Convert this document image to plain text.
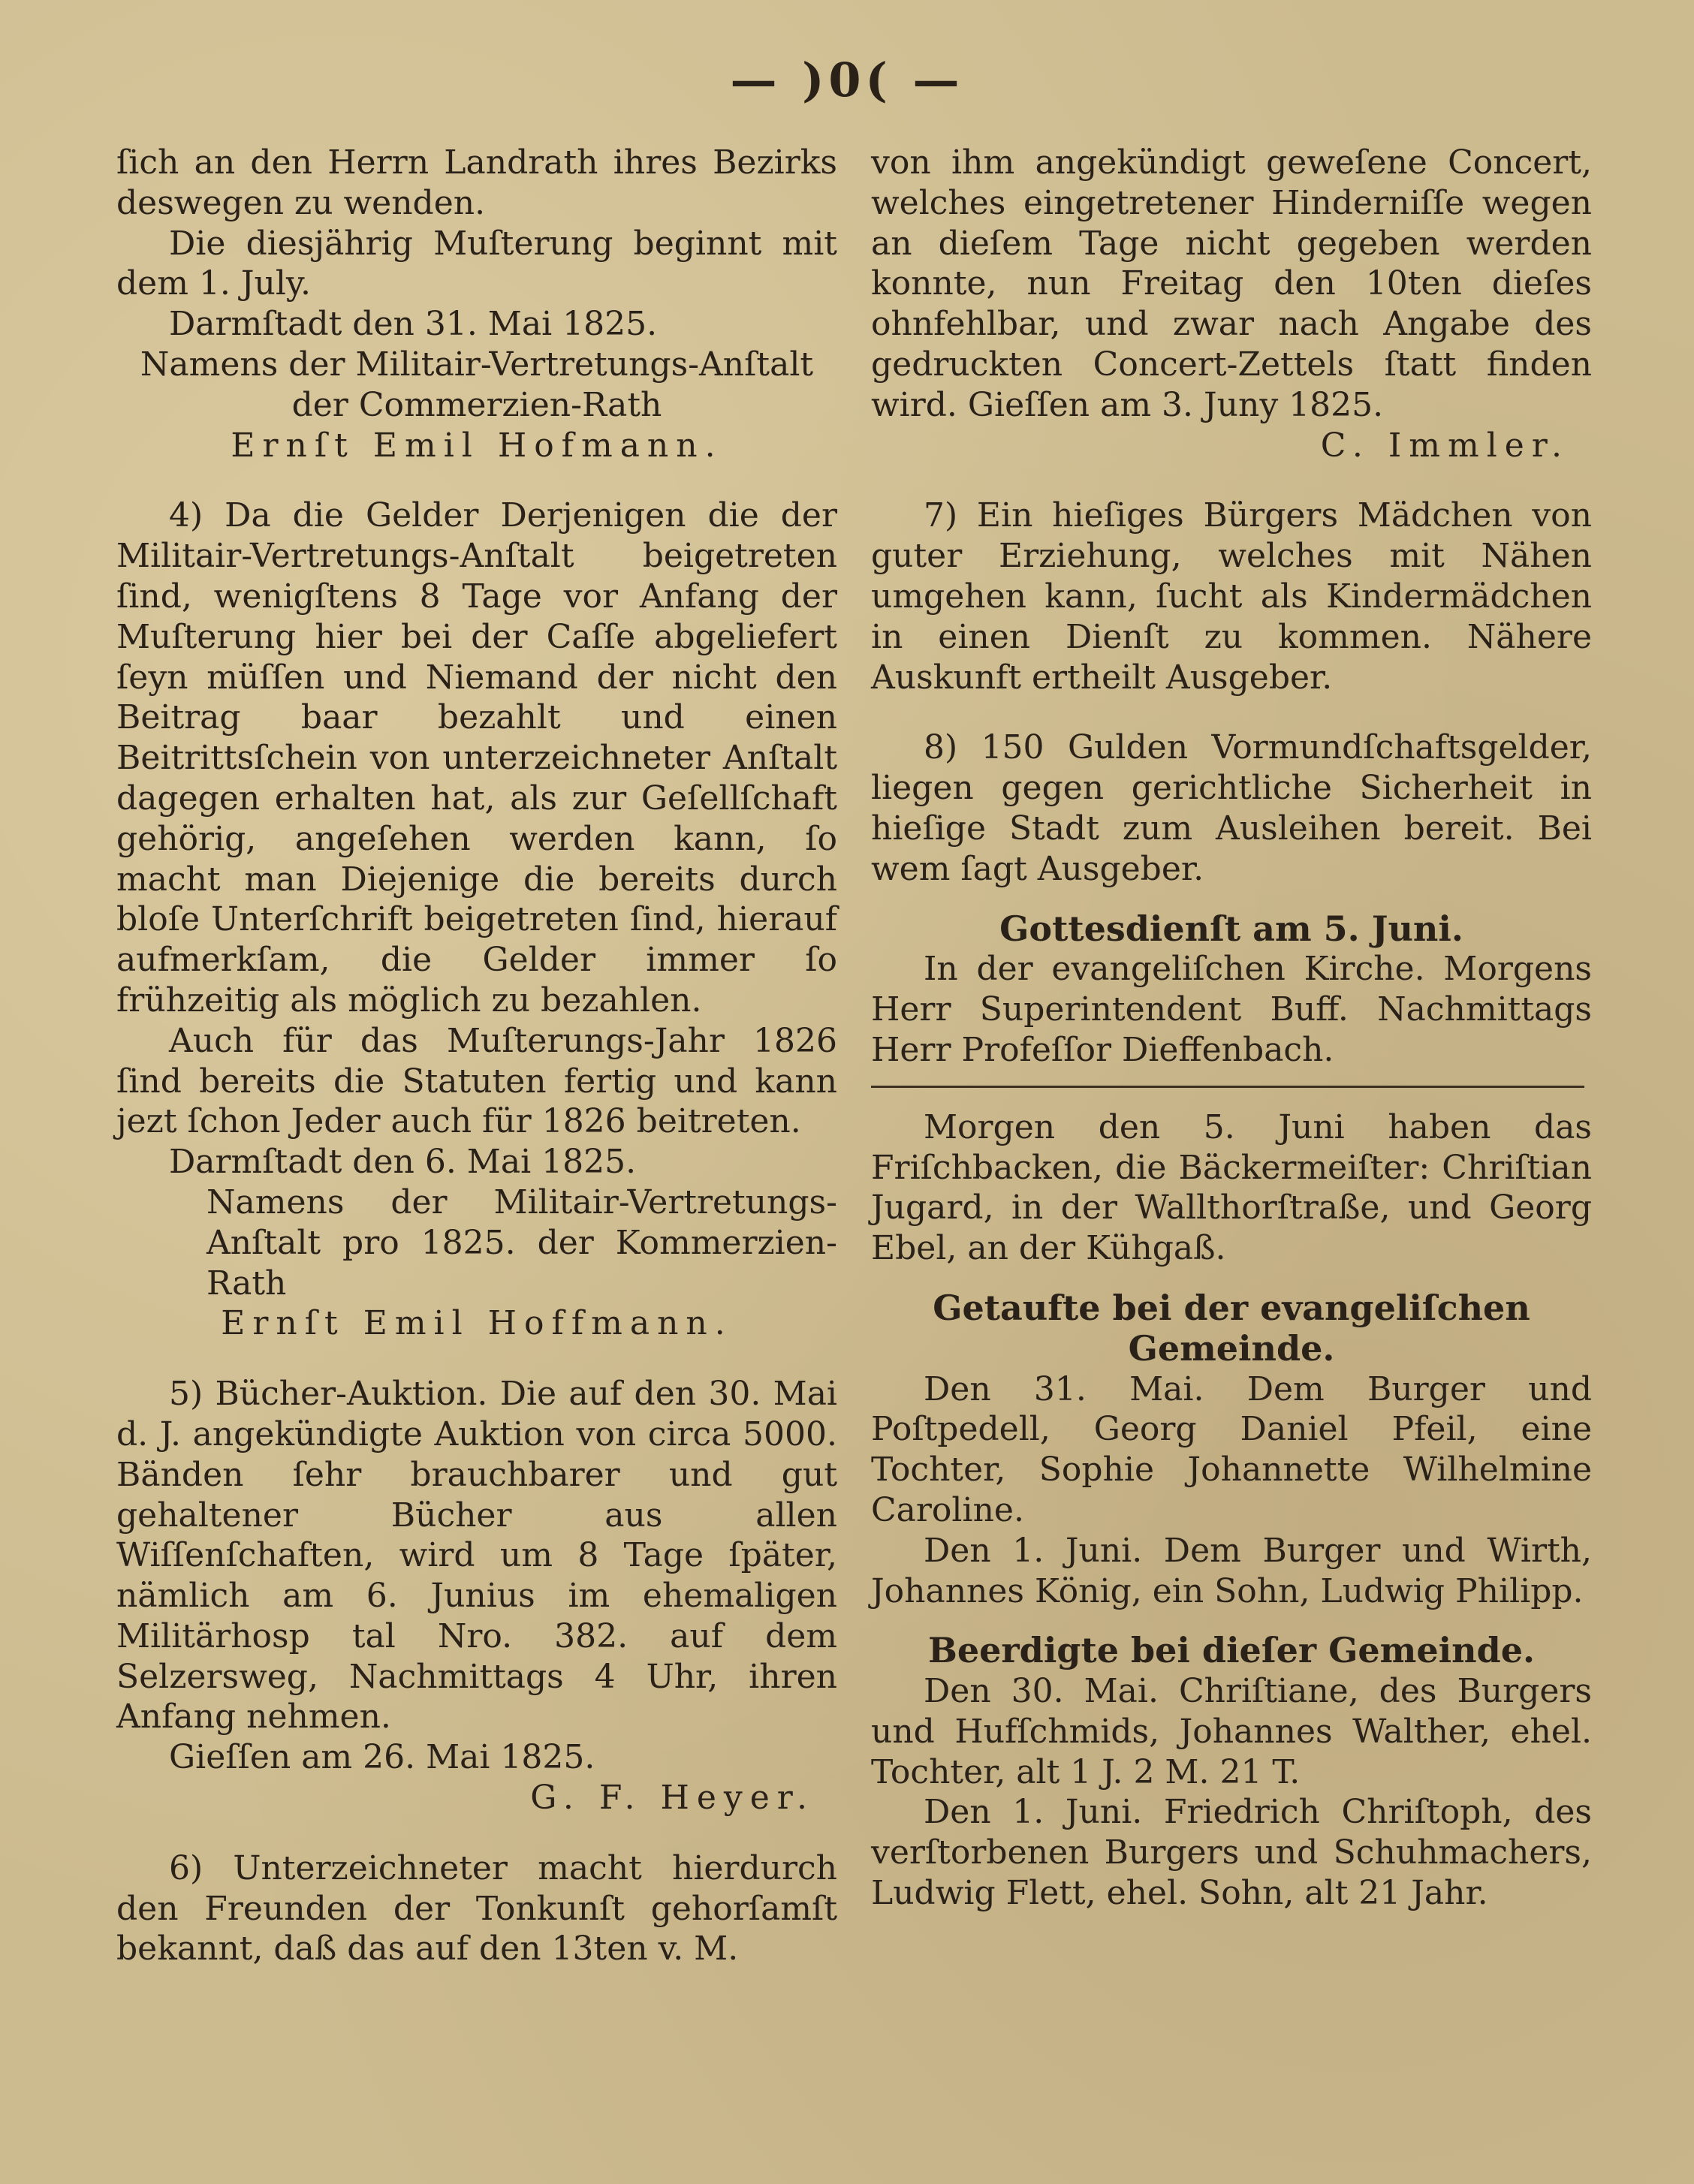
— )0( —

ſich an den Herrn Landrath ihres Bezirks deswegen zu wenden.

Die diesjährig Muſterung beginnt mit dem 1. July.

Darmſtadt den 31. Mai 1825.

Namens der Militair-Vertretungs-Anſtalt

der Commerzien-Rath

Ernſt Emil Hofmann.

4) Da die Gelder Derjenigen die der Militair-Vertretungs-Anſtalt beigetreten ſind, wenigſtens 8 Tage vor Anfang der Muſterung hier bei der Caſſe abgeliefert ſeyn müſſen und Niemand der nicht den Beitrag baar bezahlt und einen Beitrittsſchein von unterzeichneter Anſtalt dagegen erhalten hat, als zur Geſellſchaft gehörig, angeſehen werden kann, ſo macht man Diejenige die bereits durch bloſe Unterſchrift beigetreten ſind, hierauf aufmerkſam, die Gelder immer ſo frühzeitig als möglich zu bezahlen.

Auch für das Muſterungs-Jahr 1826 ſind bereits die Statuten fertig und kann jezt ſchon Jeder auch für 1826 beitreten.

Darmſtadt den 6. Mai 1825.

Namens der Militair-Vertretungs-Anſtalt pro 1825. der Kommerzien-Rath

Ernſt Emil Hoffmann.

5) Bücher-Auktion. Die auf den 30. Mai d. J. angekündigte Auktion von circa 5000. Bänden ſehr brauchbarer und gut gehaltener Bücher aus allen Wiſſenſchaften, wird um 8 Tage ſpäter, nämlich am 6. Junius im ehemaligen Militärhosp tal Nro. 382. auf dem Selzersweg, Nachmittags 4 Uhr, ihren Anfang nehmen.

Gieſſen am 26. Mai 1825.

G. F. Heyer.

6) Unterzeichneter macht hierdurch den Freunden der Tonkunſt gehorſamſt bekannt, daß das auf den 13ten v. M.

von ihm angekündigt geweſene Concert, welches eingetretener Hinderniſſe wegen an dieſem Tage nicht gegeben werden konnte, nun Freitag den 10ten dieſes ohnfehlbar, und zwar nach Angabe des gedruckten Concert-Zettels ſtatt finden wird. Gieſſen am 3. Juny 1825.

C. Immler.

7) Ein hieſiges Bürgers Mädchen von guter Erziehung, welches mit Nähen umgehen kann, ſucht als Kindermädchen in einen Dienſt zu kommen. Nähere Auskunft ertheilt Ausgeber.

8) 150 Gulden Vormundſchaftsgelder, liegen gegen gerichtliche Sicherheit in hieſige Stadt zum Ausleihen bereit. Bei wem ſagt Ausgeber.

Gottesdienſt am 5. Juni.

In der evangeliſchen Kirche. Morgens Herr Superintendent Buff. Nachmittags Herr Profeſſor Dieffenbach.

Morgen den 5. Juni haben das Friſchbacken, die Bäckermeiſter: Chriſtian Jugard, in der Wallthorſtraße, und Georg Ebel, an der Kühgaß.

Getaufte bei der evangeliſchen Gemeinde.

Den 31. Mai. Dem Burger und Poſtpedell, Georg Daniel Pfeil, eine Tochter, Sophie Johannette Wilhelmine Caroline.

Den 1. Juni. Dem Burger und Wirth, Johannes König, ein Sohn, Ludwig Philipp.

Beerdigte bei dieſer Gemeinde.

Den 30. Mai. Chriſtiane, des Burgers und Hufſchmids, Johannes Walther, ehel. Tochter, alt 1 J. 2 M. 21 T.

Den 1. Juni. Friedrich Chriſtoph, des verſtorbenen Burgers und Schuhmachers, Ludwig Flett, ehel. Sohn, alt 21 Jahr.
